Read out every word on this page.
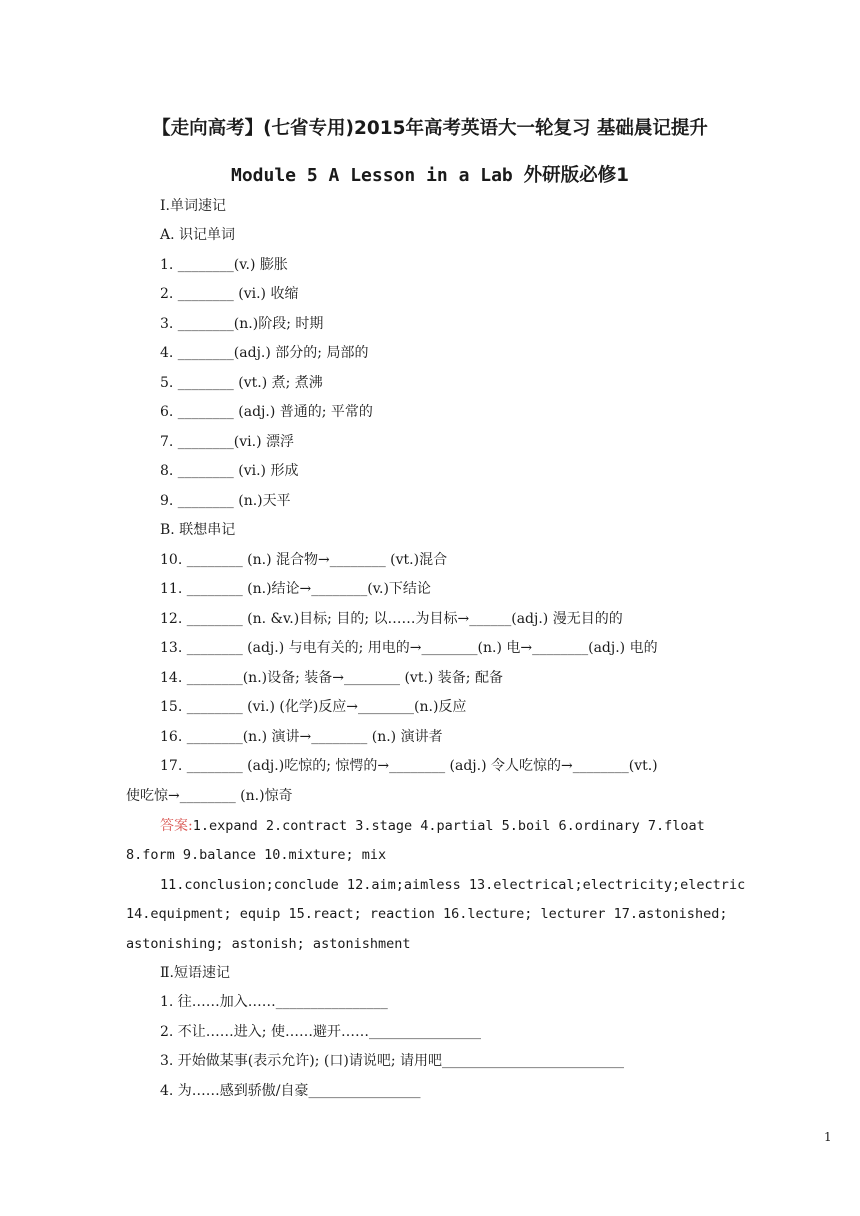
【走向高考】(七省专用)2015年高考英语大一轮复习 基础晨记提升
Module 5 A Lesson in a Lab 外研版必修1
Ⅰ.单词速记
A. 识记单词
1. ________(v.) 膨胀
2. ________ (vi.) 收缩
3. ________(n.)阶段; 时期
4. ________(adj.) 部分的; 局部的
5. ________ (vt.) 煮; 煮沸
6. ________ (adj.) 普通的; 平常的
7. ________(vi.) 漂浮
8. ________ (vi.) 形成
9. ________ (n.)天平
B. 联想串记
10. ________ (n.) 混合物→________ (vt.)混合
11. ________ (n.)结论→________(v.)下结论
12. ________ (n. &v.)目标; 目的; 以……为目标→______(adj.) 漫无目的的
13. ________ (adj.) 与电有关的; 用电的→________(n.) 电→________(adj.) 电的
14. ________(n.)设备; 装备→________ (vt.) 装备; 配备
15. ________ (vi.) (化学)反应→________(n.)反应
16. ________(n.) 演讲→________ (n.) 演讲者
17. ________ (adj.)吃惊的; 惊愕的→________ (adj.) 令人吃惊的→________(vt.)
使吃惊→________ (n.)惊奇
答案:1.expand 2.contract 3.stage 4.partial 5.boil 6.ordinary 7.float
8.form 9.balance 10.mixture; mix
11.conclusion;conclude 12.aim;aimless 13.electrical;electricity;electric
14.equipment; equip 15.react; reaction 16.lecture; lecturer 17.astonished;
astonishing; astonish; astonishment
Ⅱ.短语速记
1. 往……加入……________________
2. 不让……进入; 使……避开……________________
3. 开始做某事(表示允许); (口)请说吧; 请用吧__________________________
4. 为……感到骄傲/自豪________________
1
